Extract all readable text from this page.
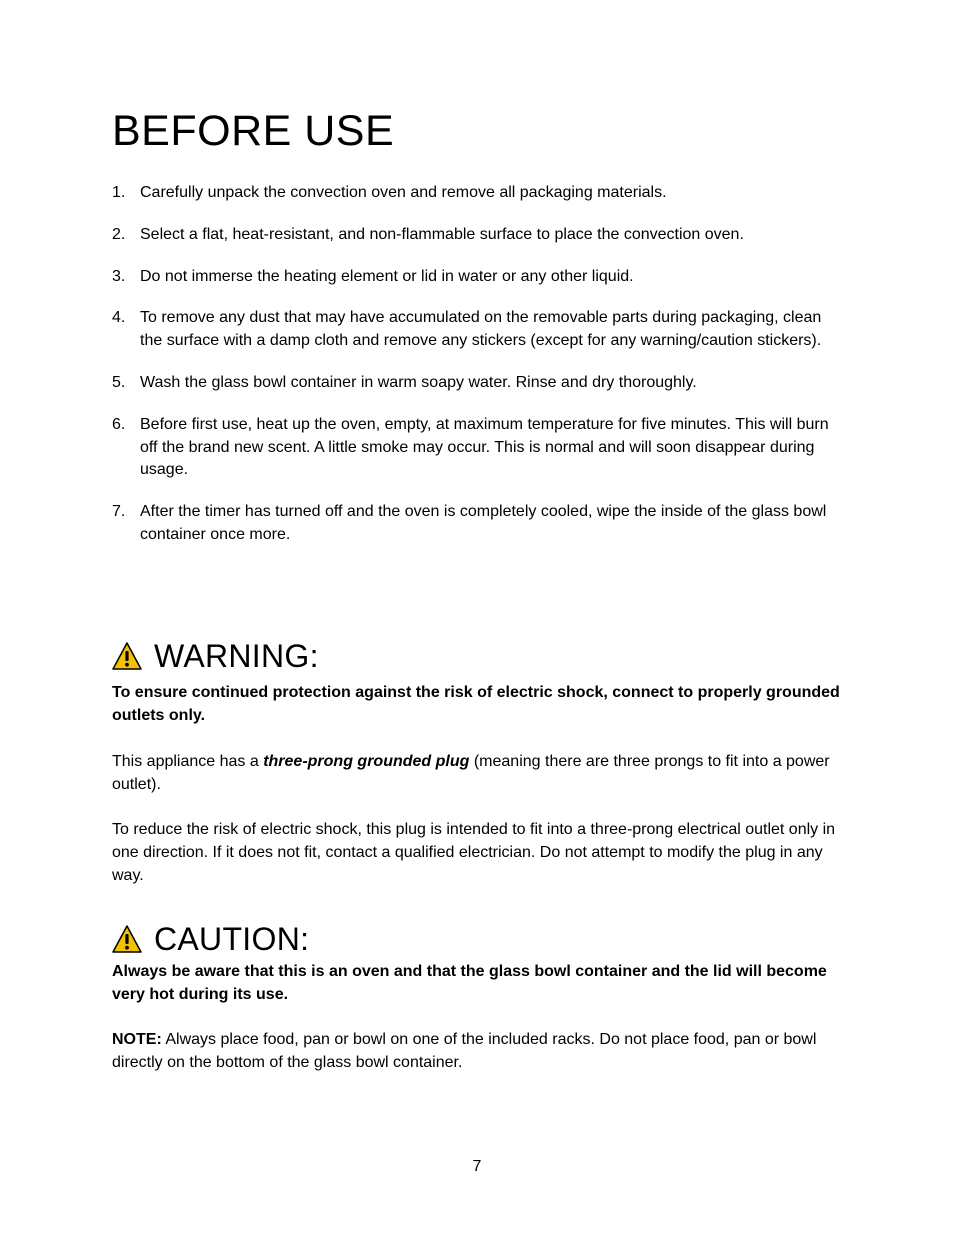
BEFORE USE
1. Carefully unpack the convection oven and remove all packaging materials.
2. Select a flat, heat-resistant, and non-flammable surface to place the convection oven.
3. Do not immerse the heating element or lid in water or any other liquid.
4. To remove any dust that may have accumulated on the removable parts during packaging, clean the surface with a damp cloth and remove any stickers (except for any warning/caution stickers).
5. Wash the glass bowl container in warm soapy water. Rinse and dry thoroughly.
6. Before first use, heat up the oven, empty, at maximum temperature for five minutes. This will burn off the brand new scent. A little smoke may occur. This is normal and will soon disappear during usage.
7. After the timer has turned off and the oven is completely cooled, wipe the inside of the glass bowl container once more.
WARNING:

To ensure continued protection against the risk of electric shock, connect to properly grounded outlets only.

This appliance has a three-prong grounded plug (meaning there are three prongs to fit into a power outlet).

To reduce the risk of electric shock, this plug is intended to fit into a three-prong electrical outlet only in one direction. If it does not fit, contact a qualified electrician. Do not attempt to modify the plug in any way.

CAUTION:

Always be aware that this is an oven and that the glass bowl container and the lid will become very hot during its use.

NOTE: Always place food, pan or bowl on one of the included racks. Do not place food, pan or bowl directly on the bottom of the glass bowl container.

7
